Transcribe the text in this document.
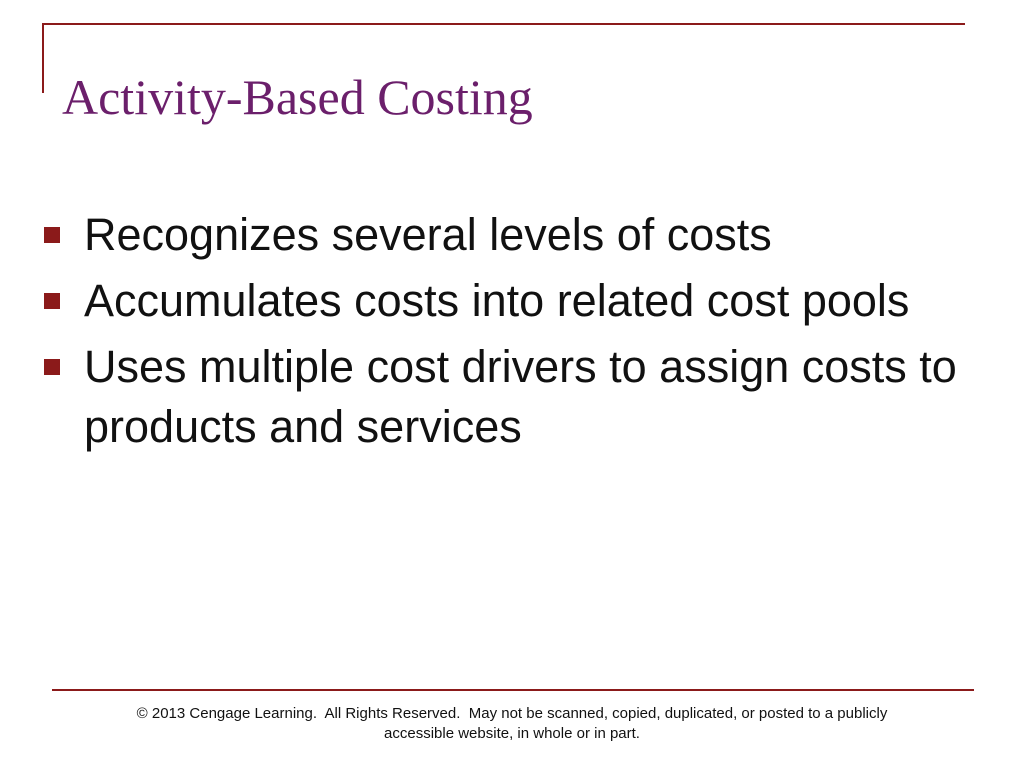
Activity-Based Costing
Recognizes several levels of costs
Accumulates costs into related cost pools
Uses multiple cost drivers to assign costs to products and services

© 2013 Cengage Learning.  All Rights Reserved.  May not be scanned, copied, duplicated, or posted to a publicly
accessible website, in whole or in part.
